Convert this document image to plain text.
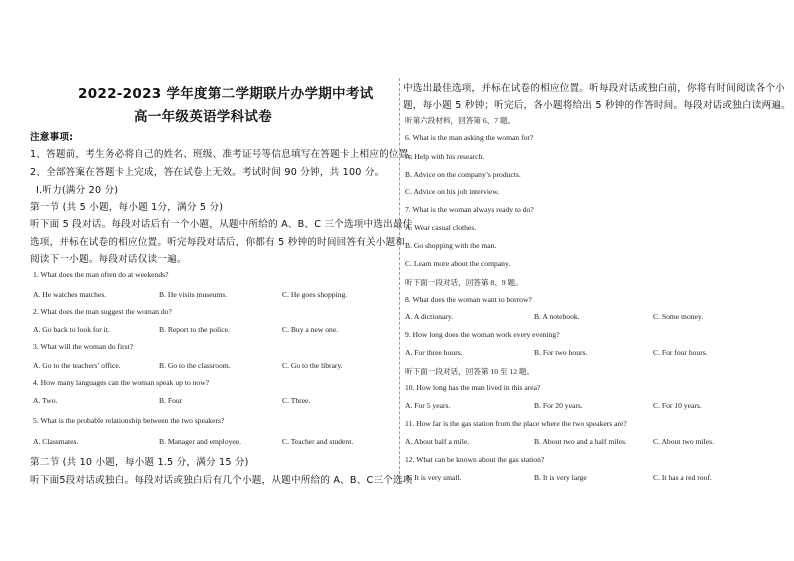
2022-2023 学年度第二学期联片办学期中考试
高一年级英语学科试卷
注意事项:
1、答题前，考生务必将自己的姓名、班级、准考证号等信息填写在答题卡上相应的位置。
2、全部答案在答题卡上完成，答在试卷上无效。考试时间 90 分钟，共 100 分。
Ⅰ.听力(满分 20 分)
第一节 (共 5 小题，每小题 1分，满分 5 分)
听下面 5 段对话。每段对话后有一个小题，从题中所给的 A、B、C 三个选项中选出最佳
选项，并标在试卷的相应位置。听完每段对话后，你都有 5 秒钟的时间回答有关小题和
阅读下一小题。每段对话仅读一遍。
1. What does the man often do at weekends?
A. He watches matches.	B. He visits museums.	C. He goes shopping.
2. What does the man suggest the woman do?
A. Go back to look for it.	B. Report to the police.	C. Buy a new one.
3. What will the woman do first?
A. Go to the teachers’ office.	B. Go to the classroom.	C. Go to the library.
4. How many languages can the woman speak up to now?
A. Two.	B. Four	C. Three.
5. What is the probable relationship between the two speakers?
A. Classmates.	B. Manager and employee.	C. Teacher and student.
第二节 (共 10 小题，每小题 1.5 分，满分 15 分)
听下面5段对话或独白。每段对话或独白后有几个小题，从题中所给的 A、B、C三个选项
中选出最佳选项，并标在试卷的相应位置。听每段对话或独白前，你将有时间阅读各个小
题，每小题 5 秒钟；听完后，各小题将给出 5 秒钟的作答时间。每段对话或独白读两遍。
听第六段材料，回答第 6、7 题。
6. What is the man asking the woman for?
A. Help with his research.
B. Advice on the company’s products.
C. Advice on his job interview.
7. What is the woman always ready to do?
A. Wear casual clothes.
B. Go shopping with the man.
C. Learn more about the company.
听下面一段对话，回答第 8、9 题。
8. What does the woman want to borrow?
A. A dictionary.	B. A notebook.	C. Some money.
9. How long does the woman work every evening?
A. For three hours.	B. For two hours.	C. For four hours.
听下面一段对话，回答第 10 至 12 题。
10. How long has the man lived in this area?
A. For 5 years.	B. For 20 years.	C. For 10 years.
11. How far is the gas station from the place where the two speakers are?
A. About half a mile.	B. About two and a half miles.	C. About two miles.
12. What can be known about the gas station?
A. It is very small.	B. It is very large	C. It has a red roof.
